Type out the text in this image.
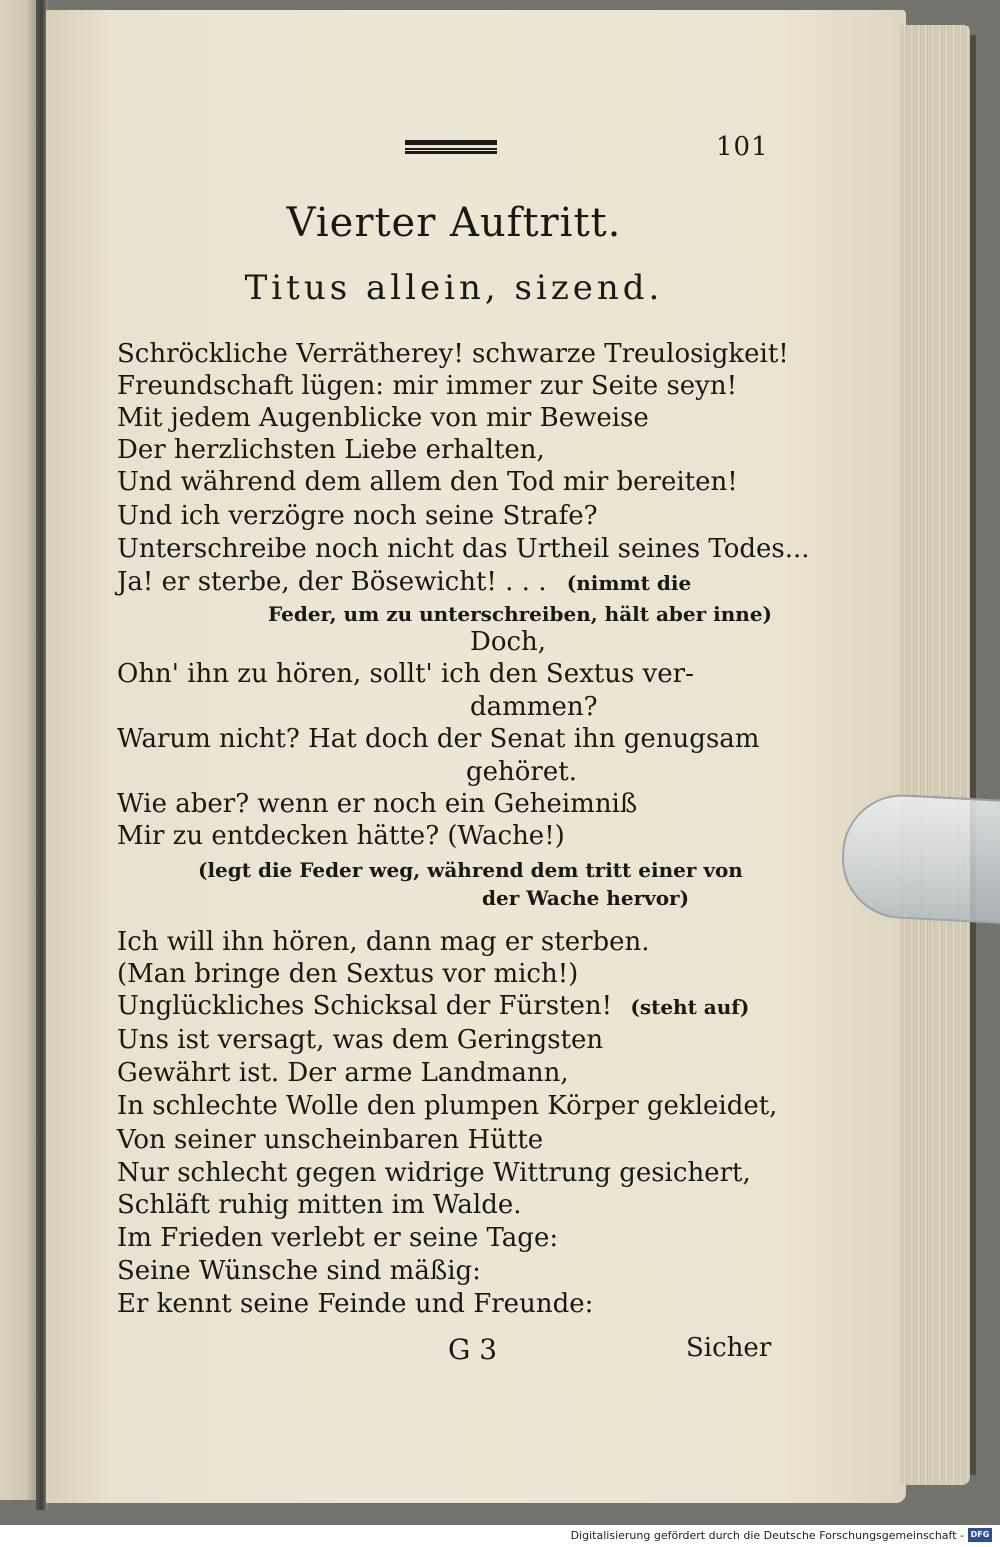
101
Vierter Auftritt.
Titus allein, sizend.
Schröckliche Verrätherey! schwarze Treulosigkeit!
Freundschaft lügen: mir immer zur Seite seyn!
Mit jedem Augenblicke von mir Beweise
Der herzlichsten Liebe erhalten,
Und während dem allem den Tod mir bereiten!
Und ich verzögre noch seine Strafe?
Unterschreibe noch nicht das Urtheil seines Todes...
Ja! er sterbe, der Bösewicht! . . . (nimmt die
Feder, um zu unterschreiben, hält aber inne)
Doch,
Ohn' ihn zu hören, sollt' ich den Sextus ver-
dammen?
Warum nicht? Hat doch der Senat ihn genugsam
gehöret.
Wie aber? wenn er noch ein Geheimniß
Mir zu entdecken hätte? (Wache!)
(legt die Feder weg, während dem tritt einer von
der Wache hervor)
Ich will ihn hören, dann mag er sterben.
(Man bringe den Sextus vor mich!)
Unglückliches Schicksal der Fürsten! (steht auf)
Uns ist versagt, was dem Geringsten
Gewährt ist. Der arme Landmann,
In schlechte Wolle den plumpen Körper gekleidet,
Von seiner unscheinbaren Hütte
Nur schlecht gegen widrige Wittrung gesichert,
Schläft ruhig mitten im Walde.
Im Frieden verlebt er seine Tage:
Seine Wünsche sind mäßig:
Er kennt seine Feinde und Freunde:
G 3	Sicher
Digitalisierung gefördert durch die Deutsche Forschungsgemeinschaft - DFG
